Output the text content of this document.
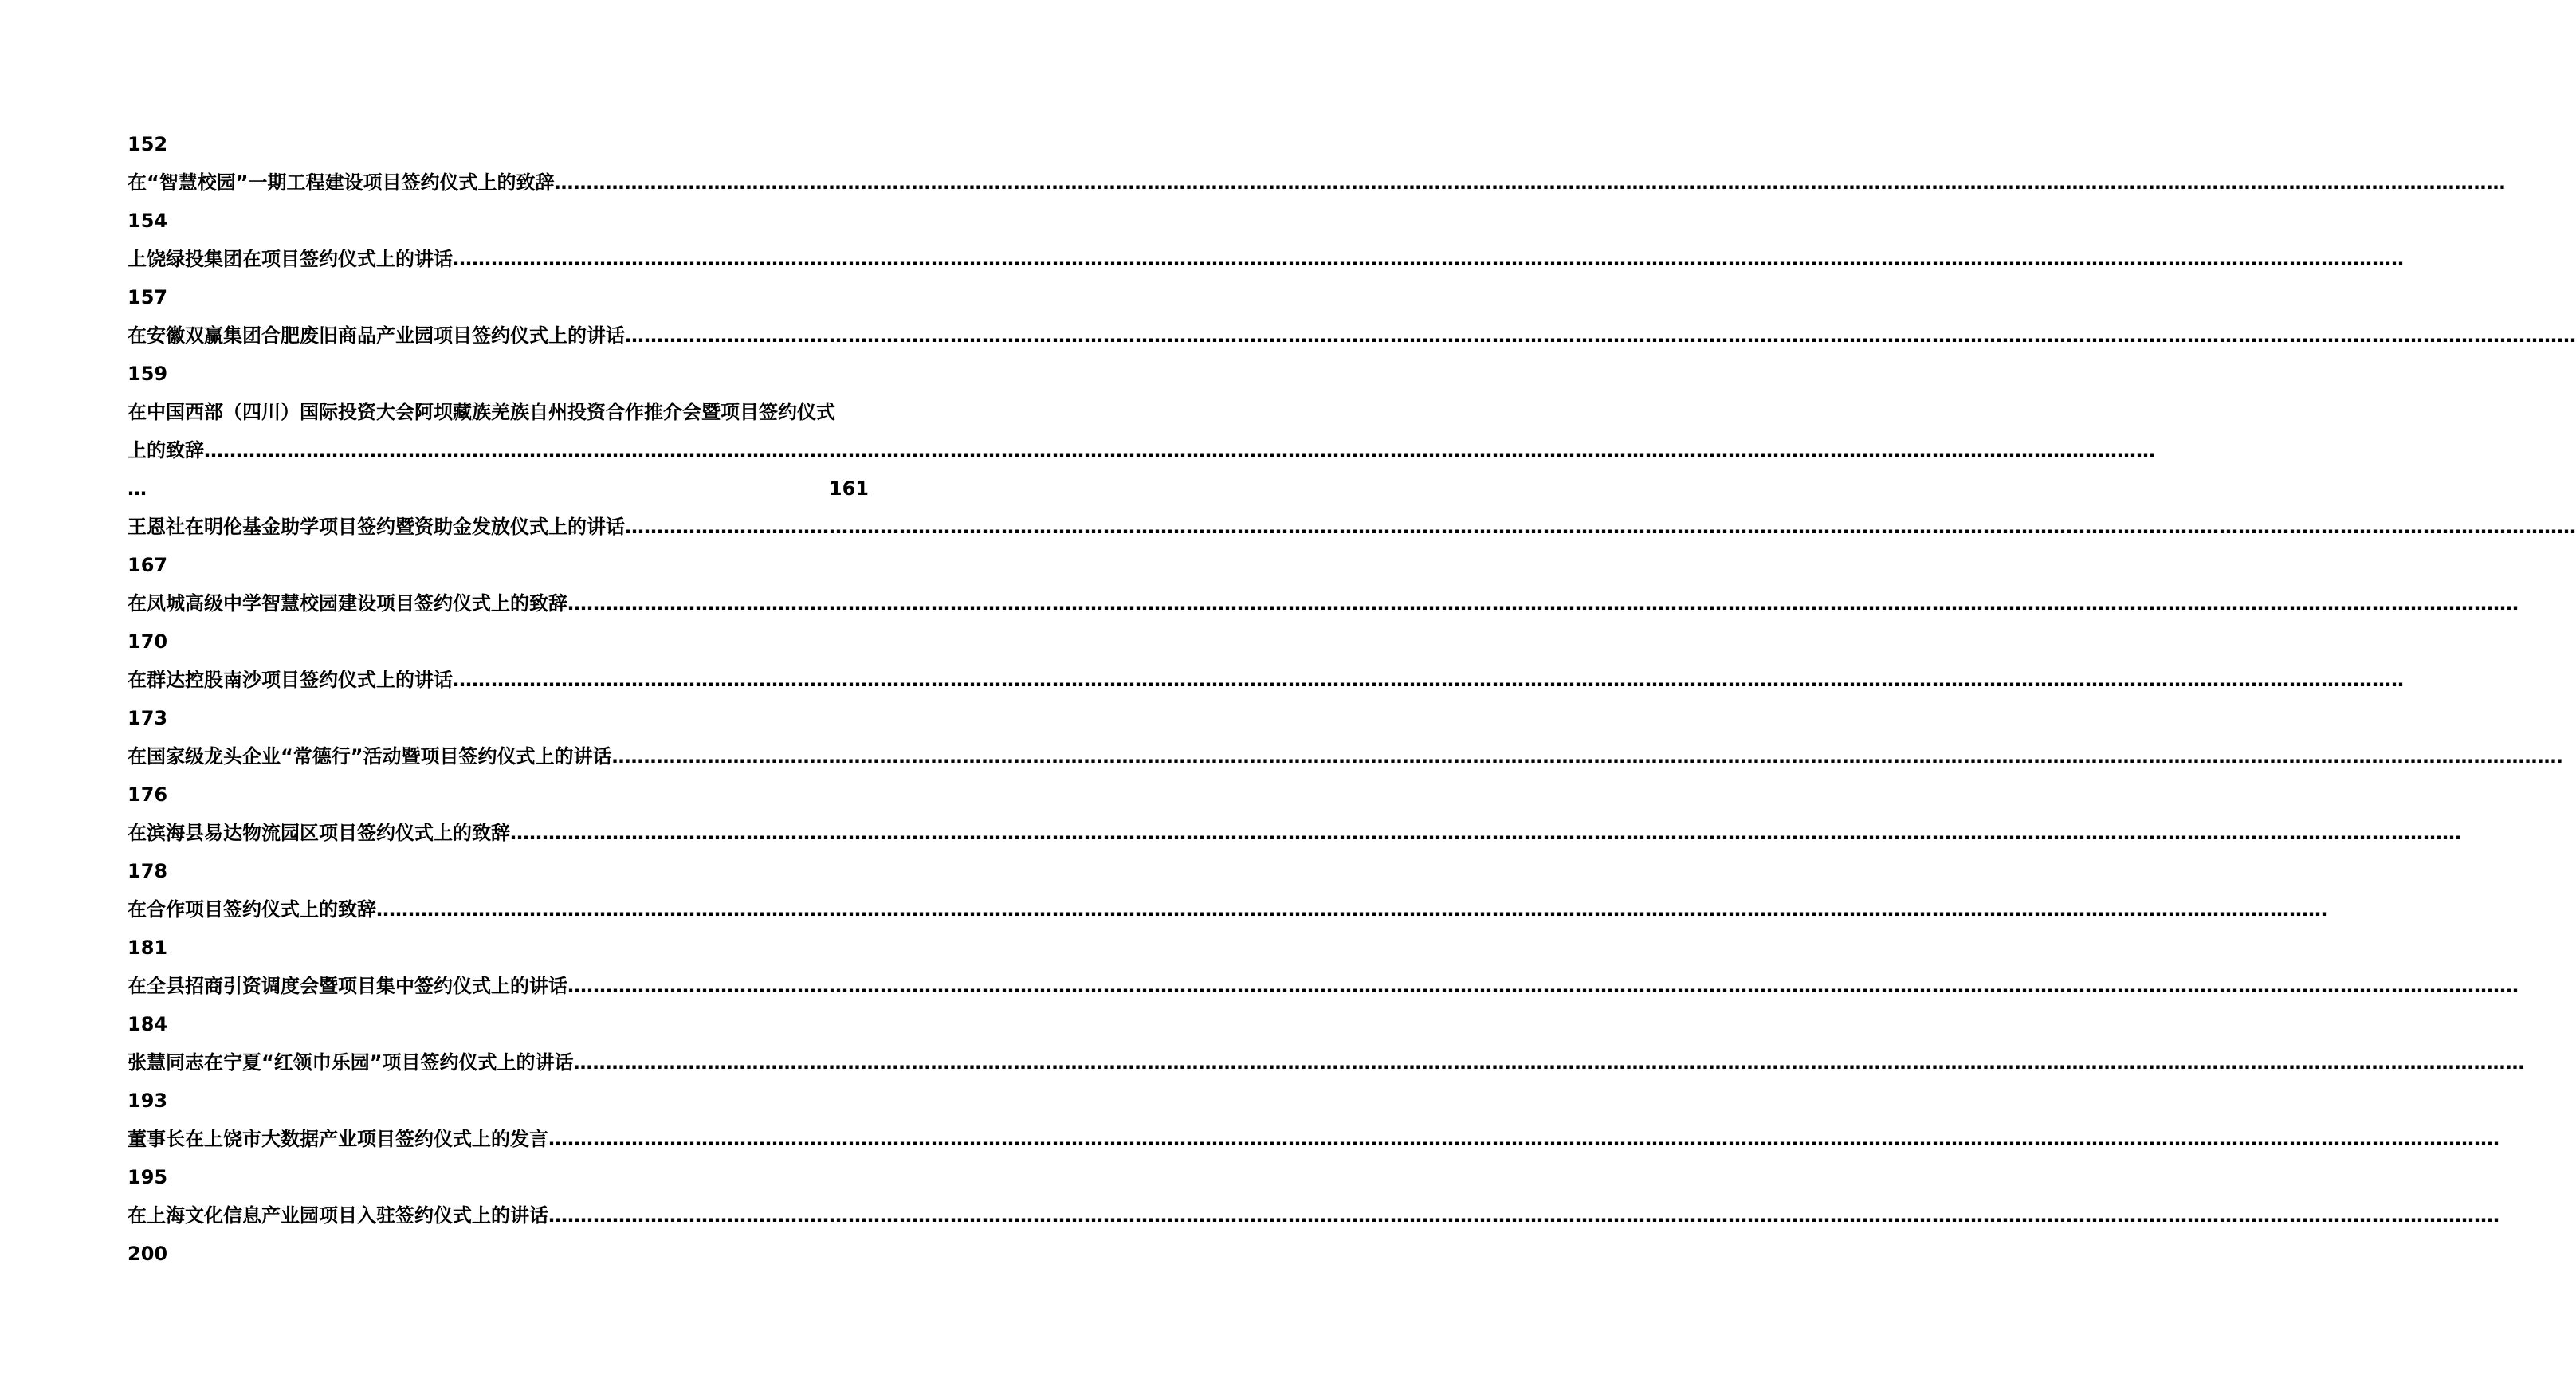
152
在“智慧校园”一期工程建设项目签约仪式上的致辞 ………………………………………………………………………………………………………………………………………………………………………………………………………………………………………………………………………………
154
上饶绿投集团在项目签约仪式上的讲话 ………………………………………………………………………………………………………………………………………………………………………………………………………………………………………………………………………………
157
在安徽双赢集团合肥废旧商品产业园项目签约仪式上的讲话 ………………………………………………………………………………………………………………………………………………………………………………………………………………………………………………………………………………
159
在中国西部（四川）国际投资大会阿坝藏族羌族自州投资合作推介会暨项目签约仪式
上的致辞 ………………………………………………………………………………………………………………………………………………………………………………………………………………………………………………………………………………
…	161
王恩社在明伦基金助学项目签约暨资助金发放仪式上的讲话 ………………………………………………………………………………………………………………………………………………………………………………………………………………………………………………………………………………
167
在凤城高级中学智慧校园建设项目签约仪式上的致辞 ………………………………………………………………………………………………………………………………………………………………………………………………………………………………………………………………………………
170
在群达控股南沙项目签约仪式上的讲话 ………………………………………………………………………………………………………………………………………………………………………………………………………………………………………………………………………………
173
在国家级龙头企业“常德行”活动暨项目签约仪式上的讲话 ………………………………………………………………………………………………………………………………………………………………………………………………………………………………………………………………………………
176
在滨海县易达物流园区项目签约仪式上的致辞 ………………………………………………………………………………………………………………………………………………………………………………………………………………………………………………………………………………
178
在合作项目签约仪式上的致辞 ………………………………………………………………………………………………………………………………………………………………………………………………………………………………………………………………………………
181
在全县招商引资调度会暨项目集中签约仪式上的讲话 ………………………………………………………………………………………………………………………………………………………………………………………………………………………………………………………………………………
184
张慧同志在宁夏“红领巾乐园”项目签约仪式上的讲话 ………………………………………………………………………………………………………………………………………………………………………………………………………………………………………………………………………………
193
董事长在上饶市大数据产业项目签约仪式上的发言 ………………………………………………………………………………………………………………………………………………………………………………………………………………………………………………………………………………
195
在上海文化信息产业园项目入驻签约仪式上的讲话 ………………………………………………………………………………………………………………………………………………………………………………………………………………………………………………………………………………
200
